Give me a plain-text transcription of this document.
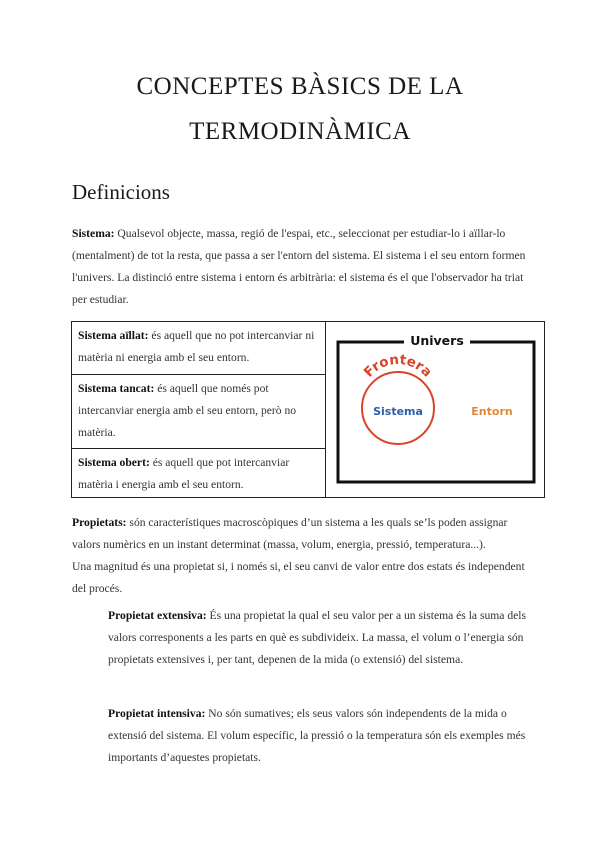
CONCEPTES BÀSICS DE LA
TERMODINÀMICA
Definicions
Sistema: Qualsevol objecte, massa, regió de l'espai, etc., seleccionat per estudiar-lo i aïllar-lo (mentalment) de tot la resta, que passa a ser l'entorn del sistema. El sistema i el seu entorn formen l'univers. La distinció entre sistema i entorn és arbitrària: el sistema és el que l'observador ha triat per estudiar.
Sistema aïllat: és aquell que no pot intercanviar ni matèria ni energia amb el seu entorn.
Sistema tancat: és aquell que només pot intercanviar energia amb el seu entorn, però no matèria.
Sistema obert: és aquell que pot intercanviar matèria i energia amb el seu entorn.
Univers
Sistema
Frontera
Entorn
Propietats: són característiques macroscòpiques d’un sistema a les quals se’ls poden assignar valors numèrics en un instant determinat (massa, volum, energia, pressió, temperatura...).
Una magnitud és una propietat si, i només si, el seu canvi de valor entre dos estats és independent del procés.
Propietat extensiva: És una propietat la qual el seu valor per a un sistema és la suma dels valors corresponents a les parts en què es subdivideix. La massa, el volum o l’energia són propietats extensives i, per tant, depenen de la mida (o extensió) del sistema.
Propietat intensiva: No són sumatives; els seus valors són independents de la mida o extensió del sistema. El volum específic, la pressió o la temperatura són els exemples més importants d’aquestes propietats.
